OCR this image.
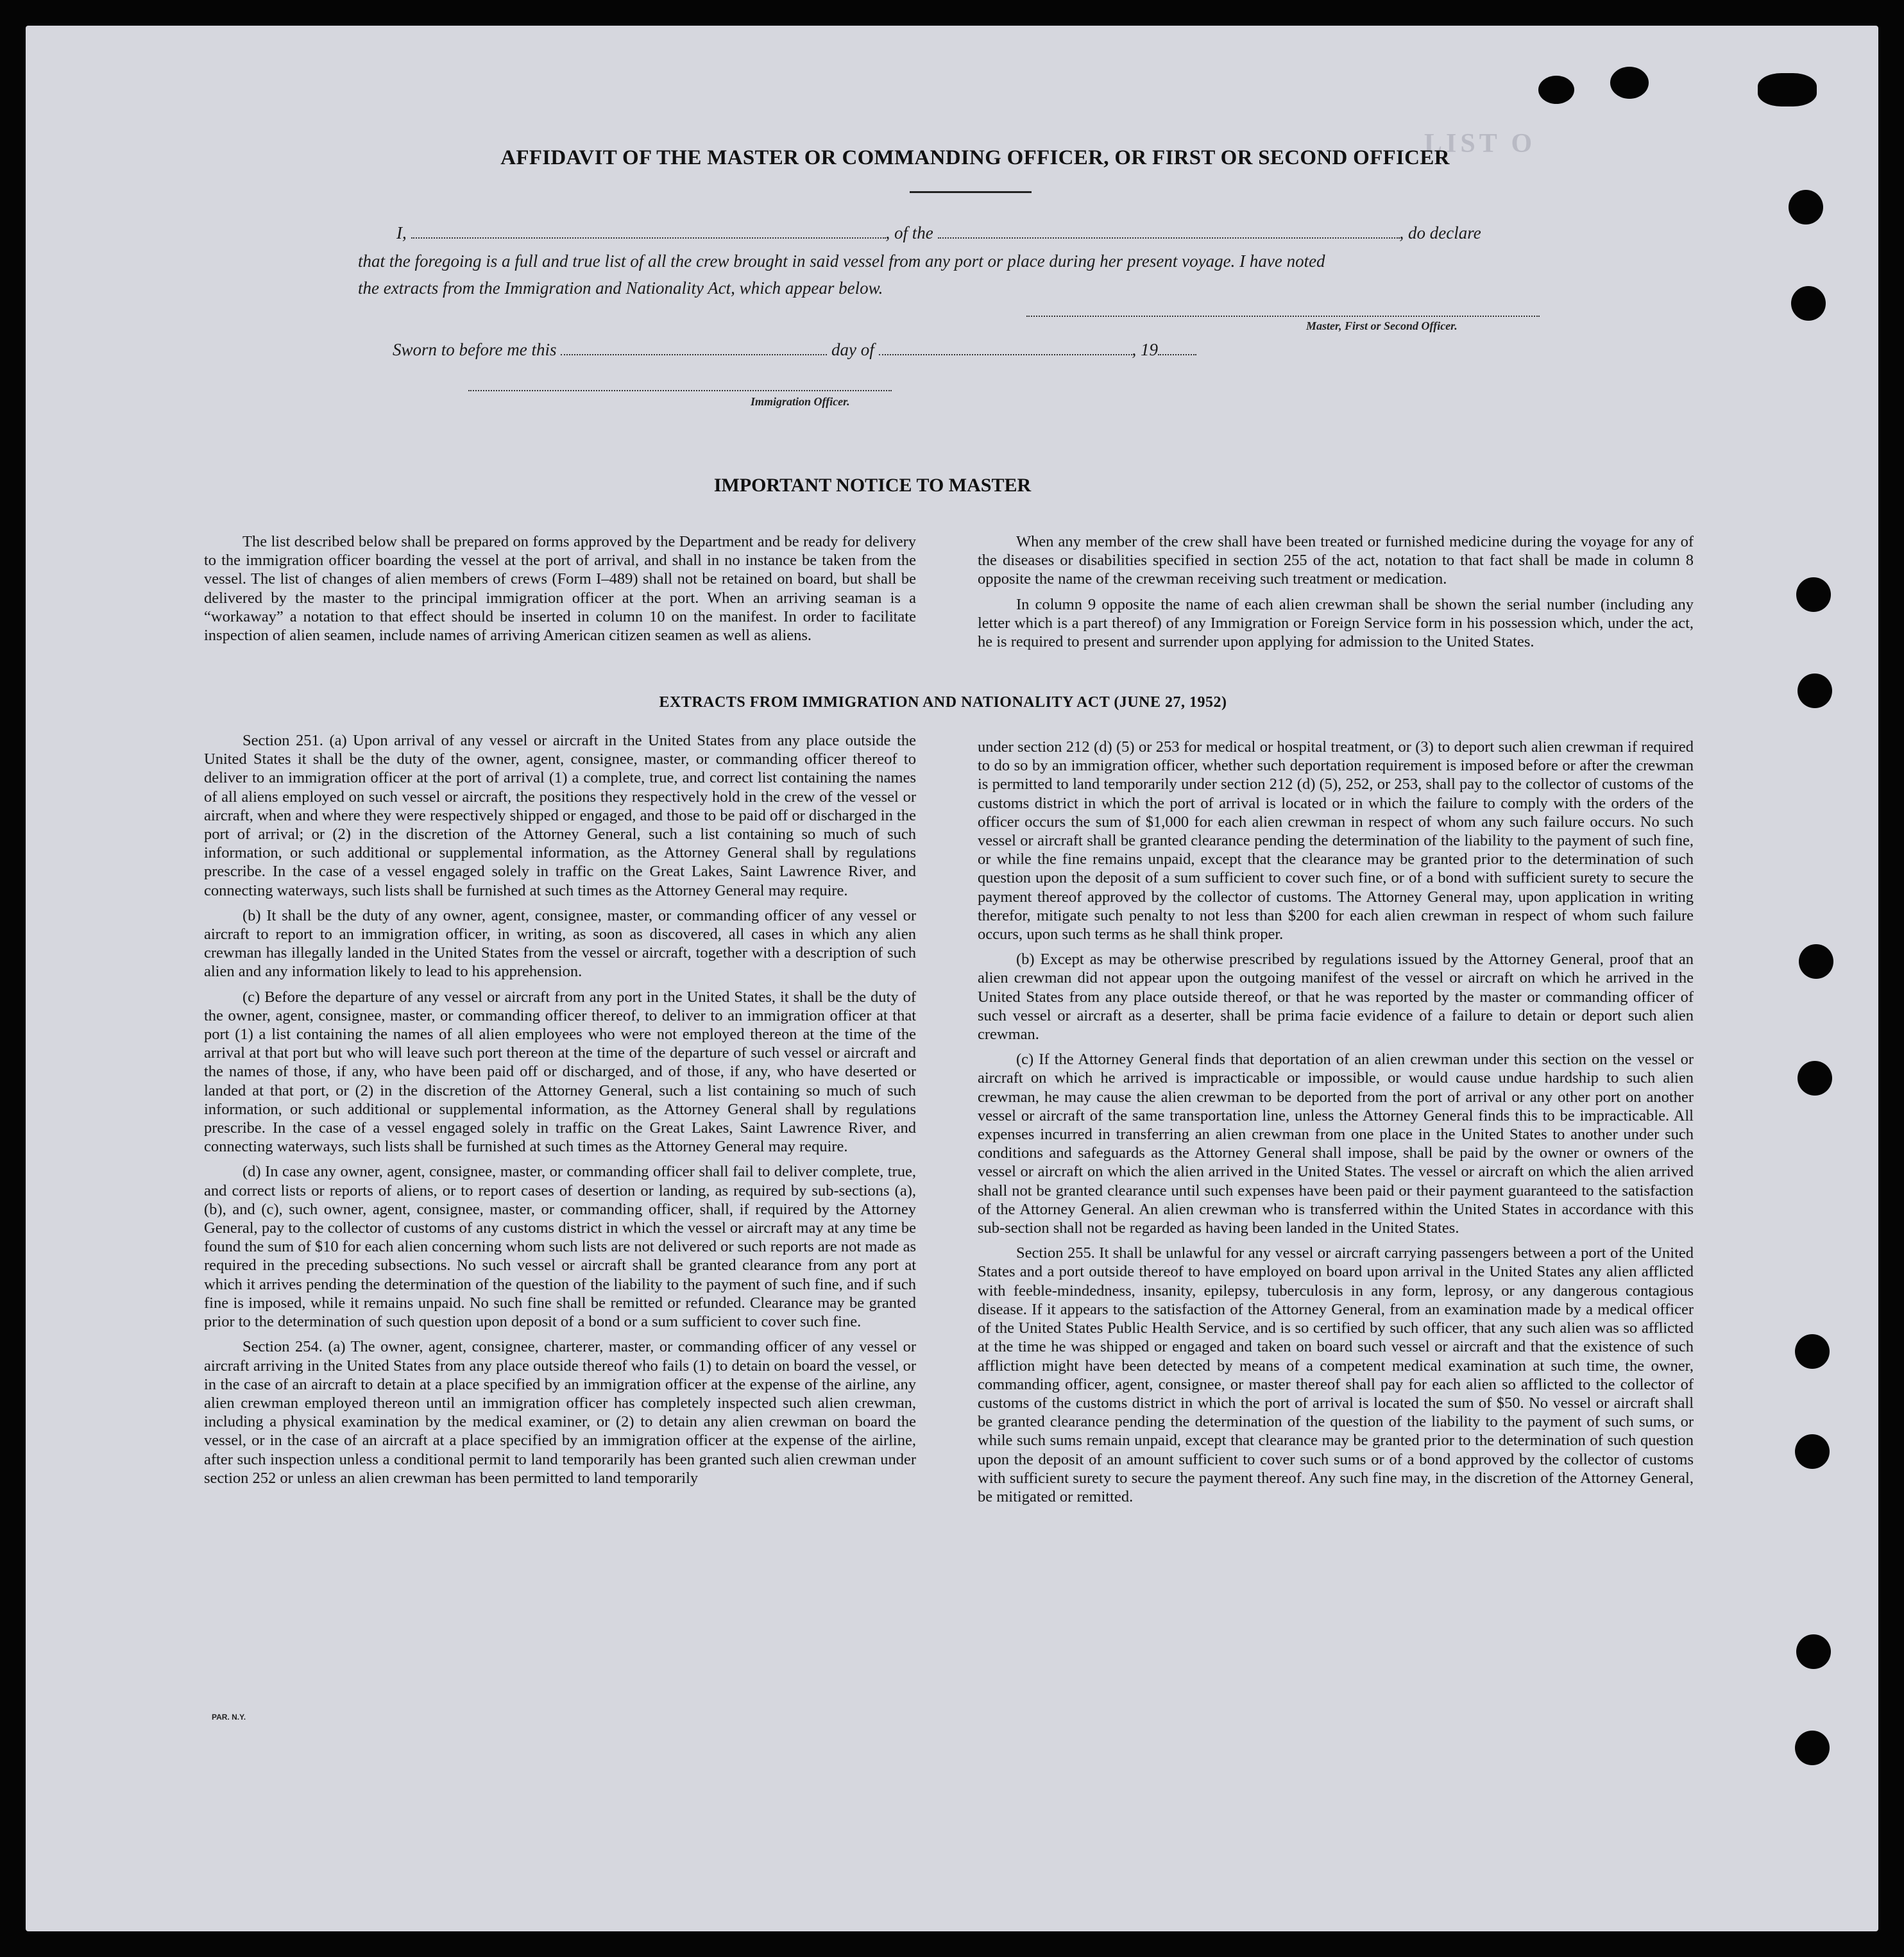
LIST O
AFFIDAVIT OF THE MASTER OR COMMANDING OFFICER, OR FIRST OR SECOND OFFICER
I,	, of the	, do declare
that the foregoing is a full and true list of all the crew brought in said vessel from any port or place during her present voyage. I have noted
the extracts from the Immigration and Nationality Act, which appear below.
Master, First or Second Officer.
Sworn to before me this	day of	, 19
Immigration Officer.
IMPORTANT NOTICE TO MASTER

The list described below shall be prepared on forms approved by the Department and be ready for delivery to the immigration officer boarding the vessel at the port of arrival, and shall in no instance be taken from the vessel. The list of changes of alien members of crews (Form I–489) shall not be retained on board, but shall be delivered by the master to the principal immigration officer at the port. When an arriving seaman is a “workaway” a notation to that effect should be inserted in column 10 on the manifest. In order to facilitate inspection of alien seamen, include names of arriving American citizen seamen as well as aliens.

When any member of the crew shall have been treated or furnished medicine during the voyage for any of the diseases or disabilities specified in section 255 of the act, notation to that fact shall be made in column 8 opposite the name of the crewman receiving such treatment or medication.

In column 9 opposite the name of each alien crewman shall be shown the serial number (including any letter which is a part thereof) of any Immigration or Foreign Service form in his possession which, under the act, he is required to present and surrender upon applying for admission to the United States.

EXTRACTS FROM IMMIGRATION AND NATIONALITY ACT (JUNE 27, 1952)

Section 251. (a) Upon arrival of any vessel or aircraft in the United States from any place outside the United States it shall be the duty of the owner, agent, consignee, master, or commanding officer thereof to deliver to an immigration officer at the port of arrival (1) a complete, true, and correct list containing the names of all aliens employed on such vessel or aircraft, the positions they respectively hold in the crew of the vessel or aircraft, when and where they were respectively shipped or engaged, and those to be paid off or discharged in the port of arrival; or (2) in the discretion of the Attorney General, such a list containing so much of such information, or such additional or supplemental information, as the Attorney General shall by regulations prescribe. In the case of a vessel engaged solely in traffic on the Great Lakes, Saint Lawrence River, and connecting waterways, such lists shall be furnished at such times as the Attorney General may require.

(b) It shall be the duty of any owner, agent, consignee, master, or commanding officer of any vessel or aircraft to report to an immigration officer, in writing, as soon as discovered, all cases in which any alien crewman has illegally landed in the United States from the vessel or aircraft, together with a description of such alien and any information likely to lead to his apprehension.

(c) Before the departure of any vessel or aircraft from any port in the United States, it shall be the duty of the owner, agent, consignee, master, or commanding officer thereof, to deliver to an immigration officer at that port (1) a list containing the names of all alien employees who were not employed thereon at the time of the arrival at that port but who will leave such port thereon at the time of the departure of such vessel or aircraft and the names of those, if any, who have been paid off or discharged, and of those, if any, who have deserted or landed at that port, or (2) in the discretion of the Attorney General, such a list containing so much of such information, or such additional or supplemental information, as the Attorney General shall by regulations prescribe. In the case of a vessel engaged solely in traffic on the Great Lakes, Saint Lawrence River, and connecting waterways, such lists shall be furnished at such times as the Attorney General may require.

(d) In case any owner, agent, consignee, master, or commanding officer shall fail to deliver complete, true, and correct lists or reports of aliens, or to report cases of desertion or landing, as required by sub-sections (a), (b), and (c), such owner, agent, consignee, master, or commanding officer, shall, if required by the Attorney General, pay to the collector of customs of any customs district in which the vessel or aircraft may at any time be found the sum of $10 for each alien concerning whom such lists are not delivered or such reports are not made as required in the preceding subsections. No such vessel or aircraft shall be granted clearance from any port at which it arrives pending the determination of the question of the liability to the payment of such fine, and if such fine is imposed, while it remains unpaid. No such fine shall be remitted or refunded. Clearance may be granted prior to the determination of such question upon deposit of a bond or a sum sufficient to cover such fine.

Section 254. (a) The owner, agent, consignee, charterer, master, or commanding officer of any vessel or aircraft arriving in the United States from any place outside thereof who fails (1) to detain on board the vessel, or in the case of an aircraft to detain at a place specified by an immigration officer at the expense of the airline, any alien crewman employed thereon until an immigration officer has completely inspected such alien crewman, including a physical examination by the medical examiner, or (2) to detain any alien crewman on board the vessel, or in the case of an aircraft at a place specified by an immigration officer at the expense of the airline, after such inspection unless a conditional permit to land temporarily has been granted such alien crewman under section 252 or unless an alien crewman has been permitted to land temporarily

under section 212 (d) (5) or 253 for medical or hospital treatment, or (3) to deport such alien crewman if required to do so by an immigration officer, whether such deportation requirement is imposed before or after the crewman is permitted to land temporarily under section 212 (d) (5), 252, or 253, shall pay to the collector of customs of the customs district in which the port of arrival is located or in which the failure to comply with the orders of the officer occurs the sum of $1,000 for each alien crewman in respect of whom any such failure occurs. No such vessel or aircraft shall be granted clearance pending the determination of the liability to the payment of such fine, or while the fine remains unpaid, except that the clearance may be granted prior to the determination of such question upon the deposit of a sum sufficient to cover such fine, or of a bond with sufficient surety to secure the payment thereof approved by the collector of customs. The Attorney General may, upon application in writing therefor, mitigate such penalty to not less than $200 for each alien crewman in respect of whom such failure occurs, upon such terms as he shall think proper.

(b) Except as may be otherwise prescribed by regulations issued by the Attorney General, proof that an alien crewman did not appear upon the outgoing manifest of the vessel or aircraft on which he arrived in the United States from any place outside thereof, or that he was reported by the master or commanding officer of such vessel or aircraft as a deserter, shall be prima facie evidence of a failure to detain or deport such alien crewman.

(c) If the Attorney General finds that deportation of an alien crewman under this section on the vessel or aircraft on which he arrived is impracticable or impossible, or would cause undue hardship to such alien crewman, he may cause the alien crewman to be deported from the port of arrival or any other port on another vessel or aircraft of the same transportation line, unless the Attorney General finds this to be impracticable. All expenses incurred in transferring an alien crewman from one place in the United States to another under such conditions and safeguards as the Attorney General shall impose, shall be paid by the owner or owners of the vessel or aircraft on which the alien arrived in the United States. The vessel or aircraft on which the alien arrived shall not be granted clearance until such expenses have been paid or their payment guaranteed to the satisfaction of the Attorney General. An alien crewman who is transferred within the United States in accordance with this sub-section shall not be regarded as having been landed in the United States.

Section 255. It shall be unlawful for any vessel or aircraft carrying passengers between a port of the United States and a port outside thereof to have employed on board upon arrival in the United States any alien afflicted with feeble-mindedness, insanity, epilepsy, tuberculosis in any form, leprosy, or any dangerous contagious disease. If it appears to the satisfaction of the Attorney General, from an examination made by a medical officer of the United States Public Health Service, and is so certified by such officer, that any such alien was so afflicted at the time he was shipped or engaged and taken on board such vessel or aircraft and that the existence of such affliction might have been detected by means of a competent medical examination at such time, the owner, commanding officer, agent, consignee, or master thereof shall pay for each alien so afflicted to the collector of customs of the customs district in which the port of arrival is located the sum of $50. No vessel or aircraft shall be granted clearance pending the determination of the question of the liability to the payment of such sums, or while such sums remain unpaid, except that clearance may be granted prior to the determination of such question upon the deposit of an amount sufficient to cover such sums or of a bond approved by the collector of customs with sufficient surety to secure the payment thereof. Any such fine may, in the discretion of the Attorney General, be mitigated or remitted.

PAR. N.Y.
